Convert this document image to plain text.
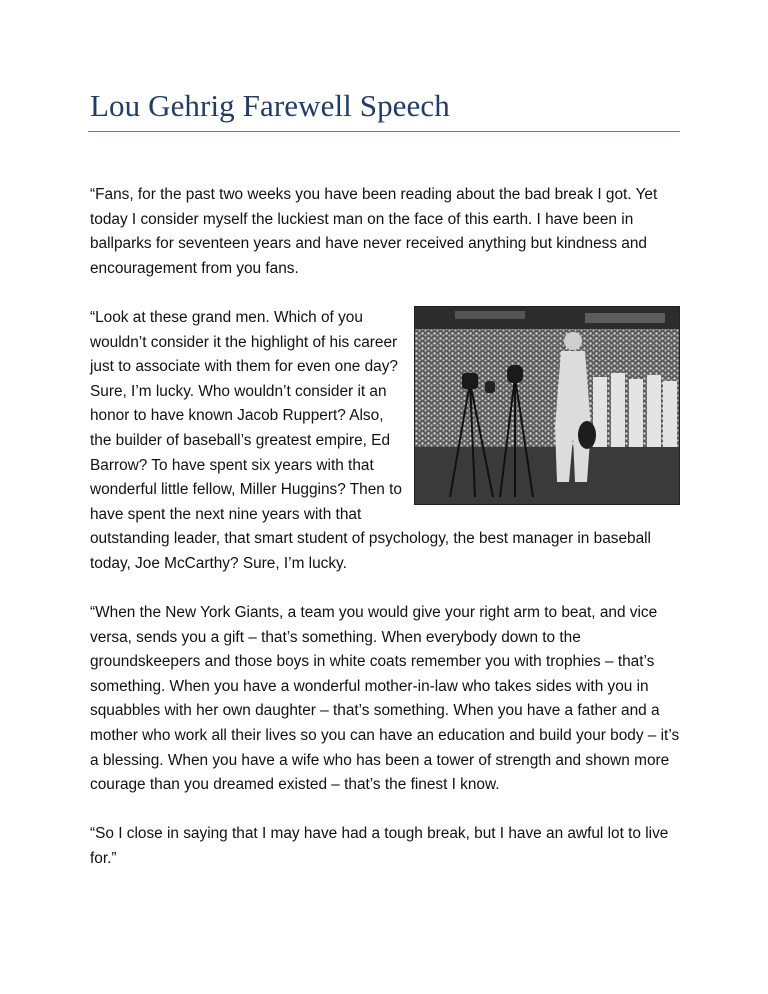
Lou Gehrig Farewell Speech

“Fans, for the past two weeks you have been reading about the bad break I got. Yet today I consider myself the luckiest man on the face of this earth. I have been in ballparks for seventeen years and have never received anything but kindness and encouragement from you fans.

“Look at these grand men. Which of you wouldn’t consider it the highlight of his career just to associate with them for even one day? Sure, I’m lucky. Who wouldn’t consider it an honor to have known Jacob Ruppert? Also, the builder of baseball’s greatest empire, Ed Barrow? To have spent six years with that wonderful little fellow, Miller Huggins? Then to have spent the next nine years with that outstanding leader, that smart student of psychology, the best manager in baseball today, Joe McCarthy? Sure, I’m lucky.

“When the New York Giants, a team you would give your right arm to beat, and vice versa, sends you a gift – that’s something. When everybody down to the groundskeepers and those boys in white coats remember you with trophies – that’s something. When you have a wonderful mother-in-law who takes sides with you in squabbles with her own daughter – that’s something. When you have a father and a mother who work all their lives so you can have an education and build your body – it’s a blessing. When you have a wife who has been a tower of strength and shown more courage than you dreamed existed – that’s the finest I know.

“So I close in saying that I may have had a tough break, but I have an awful lot to live for.”
